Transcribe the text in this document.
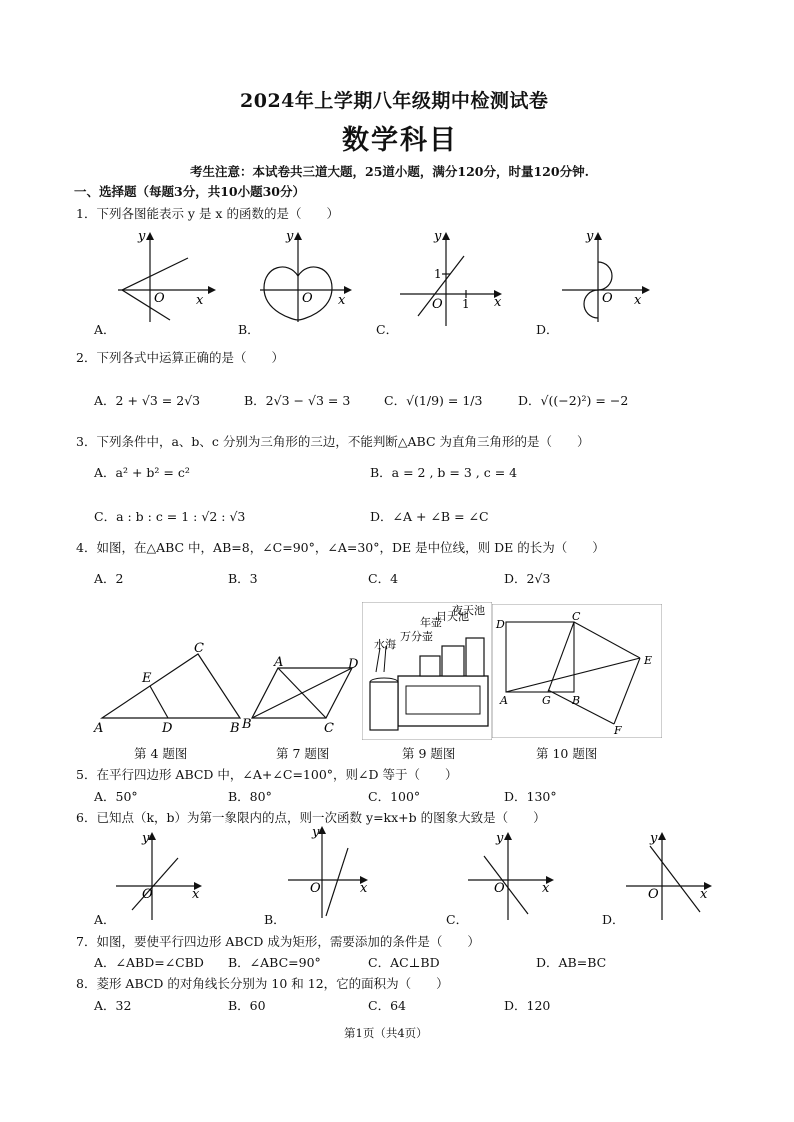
2024年上学期八年级期中检测试卷
数学科目
考生注意：本试卷共三道大题，25道小题，满分120分，时量120分钟.
一、选择题（每题3分，共10小题30分）
1．下列各图能表示 y 是 x 的函数的是（　　）
y
O x
A．
y
O x
B．
y
1
O 1 x
C．
y
O x
D．
2．下列各式中运算正确的是（　　）
A．2 + √3 = 2√3	B．2√3 − √3 = 3	C．√(1/9) = 1/3	D．√((−2)²) = −2
3．下列条件中，a、b、c 分别为三角形的三边，不能判断△ABC 为直角三角形的是（　　）
A．a² + b² = c²	B．a = 2 , b = 3 , c = 4
C．a : b : c = 1 : √2 : √3	D．∠A + ∠B = ∠C
4．如图，在△ABC 中，AB=8，∠C=90°，∠A=30°，DE 是中位线，则 DE 的长为（　　）
A．2	B．3	C．4	D．2√3
C
E
A	D	B
A	D
B	C
水海
万分壶
年壶
日天池
夜天池
D
C
E
A	G B
F
第 4 题图	第 7 题图	第 9 题图	第 10 题图
5．在平行四边形 ABCD 中，∠A+∠C=100°，则∠D 等于（　　）
A．50°	B．80°	C．100°	D．130°
6．已知点（k，b）为第一象限内的点，则一次函数 y=kx+b 的图象大致是（　　）
y
O	x
A．
y
O	x
B．
y
O	x
C．
y
O	x
D．
7．如图，要使平行四边形 ABCD 成为矩形，需要添加的条件是（　　）
A．∠ABD=∠CBD B．∠ABC=90°	C．AC⊥BD	D．AB=BC
8．菱形 ABCD 的对角线长分别为 10 和 12，它的面积为（　　）
A．32	B．60	C．64	D．120
第1页（共4页）
